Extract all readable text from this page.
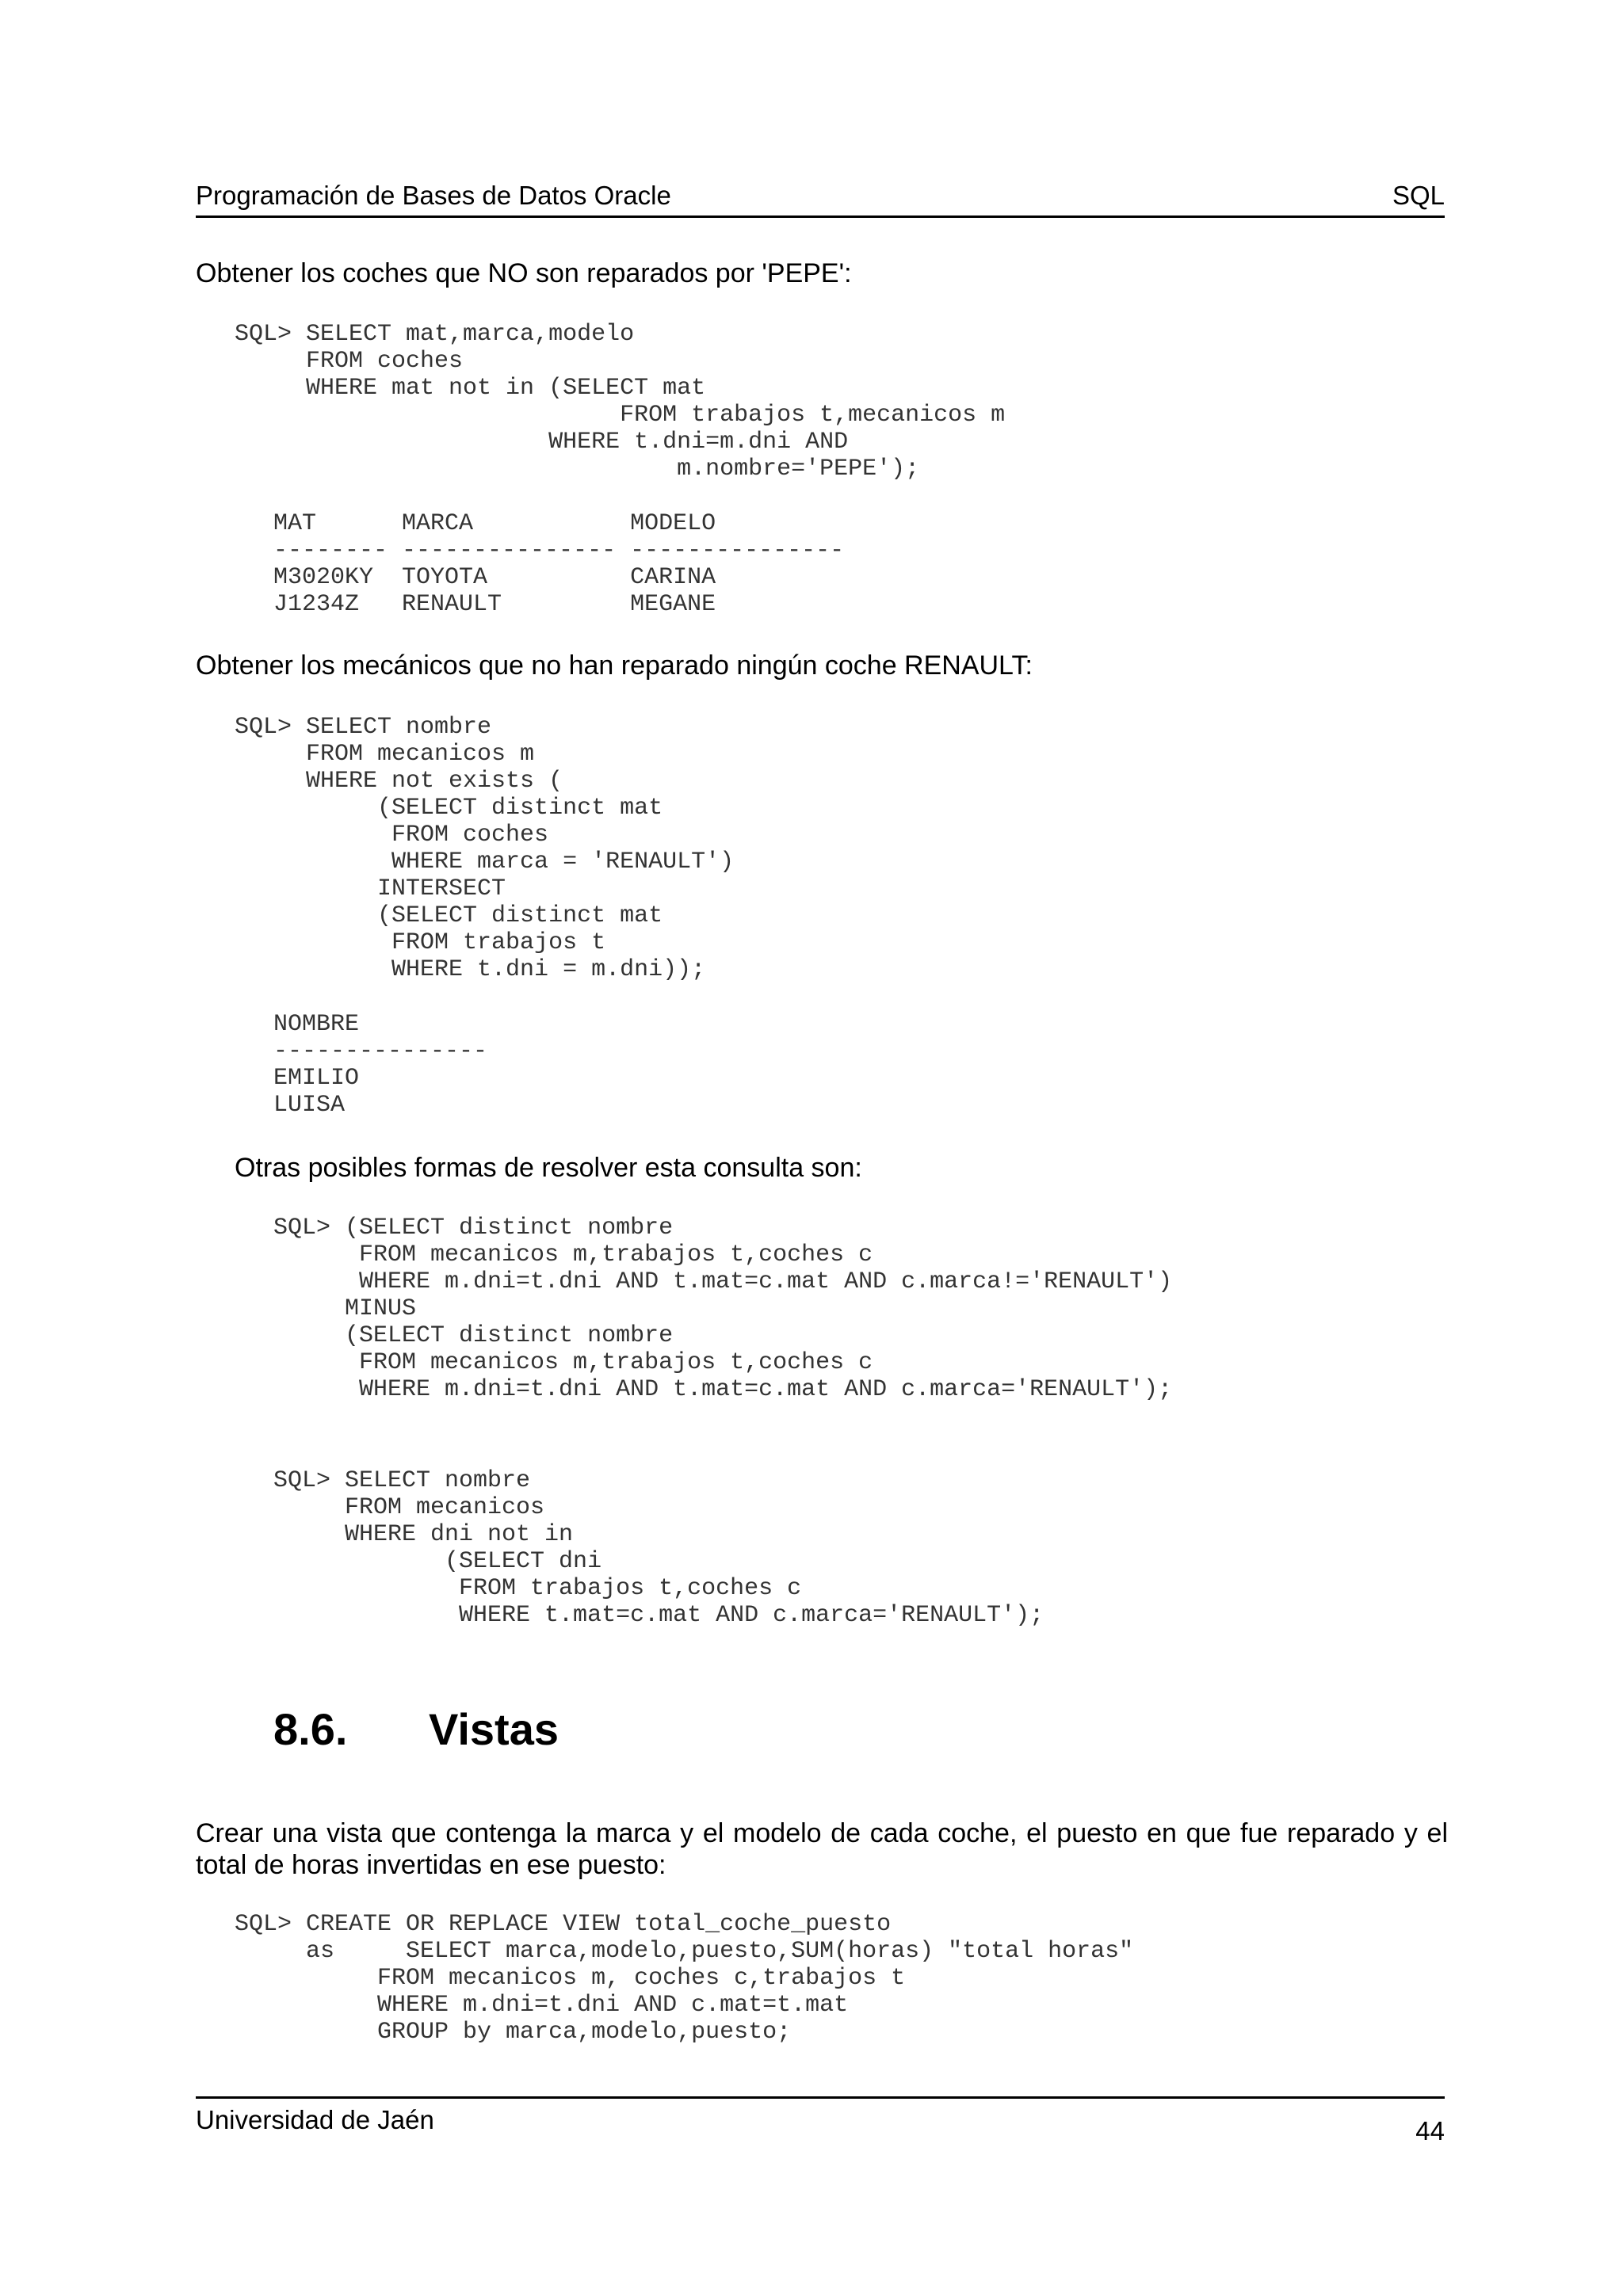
Programación de Bases de Datos Oracle	SQL
Obtener los coches que NO son reparados por 'PEPE':
SQL> SELECT mat,marca,modelo
FROM coches
WHERE mat not in (SELECT mat
FROM trabajos t,mecanicos m
WHERE t.dni=m.dni AND
m.nombre='PEPE');
MAT      MARCA           MODELO
-------- --------------- ---------------
M3020KY  TOYOTA          CARINA
J1234Z   RENAULT         MEGANE
Obtener los mecánicos que no han reparado ningún coche RENAULT:
SQL> SELECT nombre
FROM mecanicos m
WHERE not exists (
(SELECT distinct mat
FROM coches
WHERE marca = 'RENAULT')
INTERSECT
(SELECT distinct mat
FROM trabajos t
WHERE t.dni = m.dni));
NOMBRE
---------------
EMILIO
LUISA
Otras posibles formas de resolver esta consulta son:
SQL> (SELECT distinct nombre
FROM mecanicos m,trabajos t,coches c
WHERE m.dni=t.dni AND t.mat=c.mat AND c.marca!='RENAULT')
MINUS
(SELECT distinct nombre
FROM mecanicos m,trabajos t,coches c
WHERE m.dni=t.dni AND t.mat=c.mat AND c.marca='RENAULT');
SQL> SELECT nombre
FROM mecanicos
WHERE dni not in
(SELECT dni
FROM trabajos t,coches c
WHERE t.mat=c.mat AND c.marca='RENAULT');
8.6. Vistas
Crear una vista que contenga la marca y el modelo de cada coche, el puesto en que fue reparado y el total de horas invertidas en ese puesto:
SQL> CREATE OR REPLACE VIEW total_coche_puesto
as     SELECT marca,modelo,puesto,SUM(horas) "total horas"
FROM mecanicos m, coches c,trabajos t
WHERE m.dni=t.dni AND c.mat=t.mat
GROUP by marca,modelo,puesto;
Universidad de Jaén	44
